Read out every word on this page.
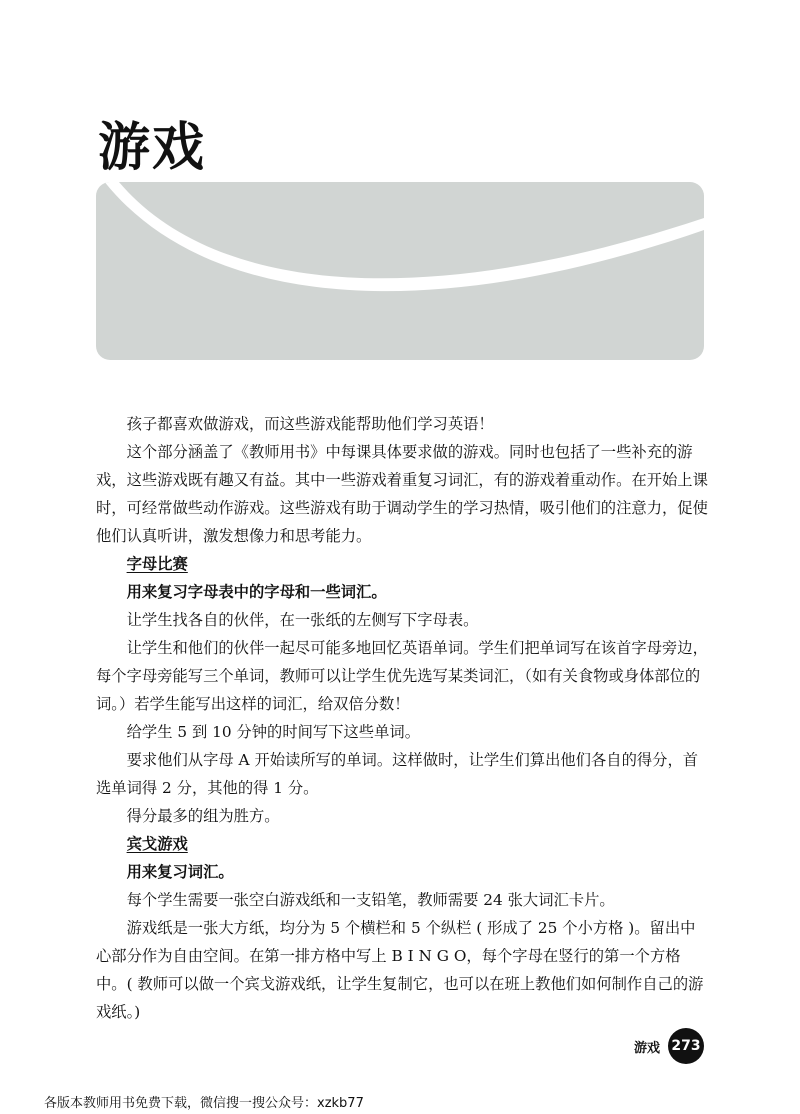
游戏

孩子都喜欢做游戏，而这些游戏能帮助他们学习英语！

这个部分涵盖了《教师用书》中每课具体要求做的游戏。同时也包括了一些补充的游戏，这些游戏既有趣又有益。其中一些游戏着重复习词汇，有的游戏着重动作。在开始上课时，可经常做些动作游戏。这些游戏有助于调动学生的学习热情，吸引他们的注意力，促使他们认真听讲，激发想像力和思考能力。

字母比赛

用来复习字母表中的字母和一些词汇。

让学生找各自的伙伴，在一张纸的左侧写下字母表。

让学生和他们的伙伴一起尽可能多地回忆英语单词。学生们把单词写在该首字母旁边，每个字母旁能写三个单词，教师可以让学生优先选写某类词汇，（如有关食物或身体部位的词。）若学生能写出这样的词汇，给双倍分数！

给学生 5 到 10 分钟的时间写下这些单词。

要求他们从字母 A 开始读所写的单词。这样做时，让学生们算出他们各自的得分，首选单词得 2 分，其他的得 1 分。

得分最多的组为胜方。

宾戈游戏

用来复习词汇。

每个学生需要一张空白游戏纸和一支铅笔，教师需要 24 张大词汇卡片。

游戏纸是一张大方纸，均分为 5 个横栏和 5 个纵栏 ( 形成了 25 个小方格 )。留出中心部分作为自由空间。在第一排方格中写上 B I N G O，每个字母在竖行的第一个方格中。( 教师可以做一个宾戈游戏纸，让学生复制它，也可以在班上教他们如何制作自己的游戏纸。)

游戏 273
各版本教师用书免费下载，微信搜一搜公众号：xzkb77
